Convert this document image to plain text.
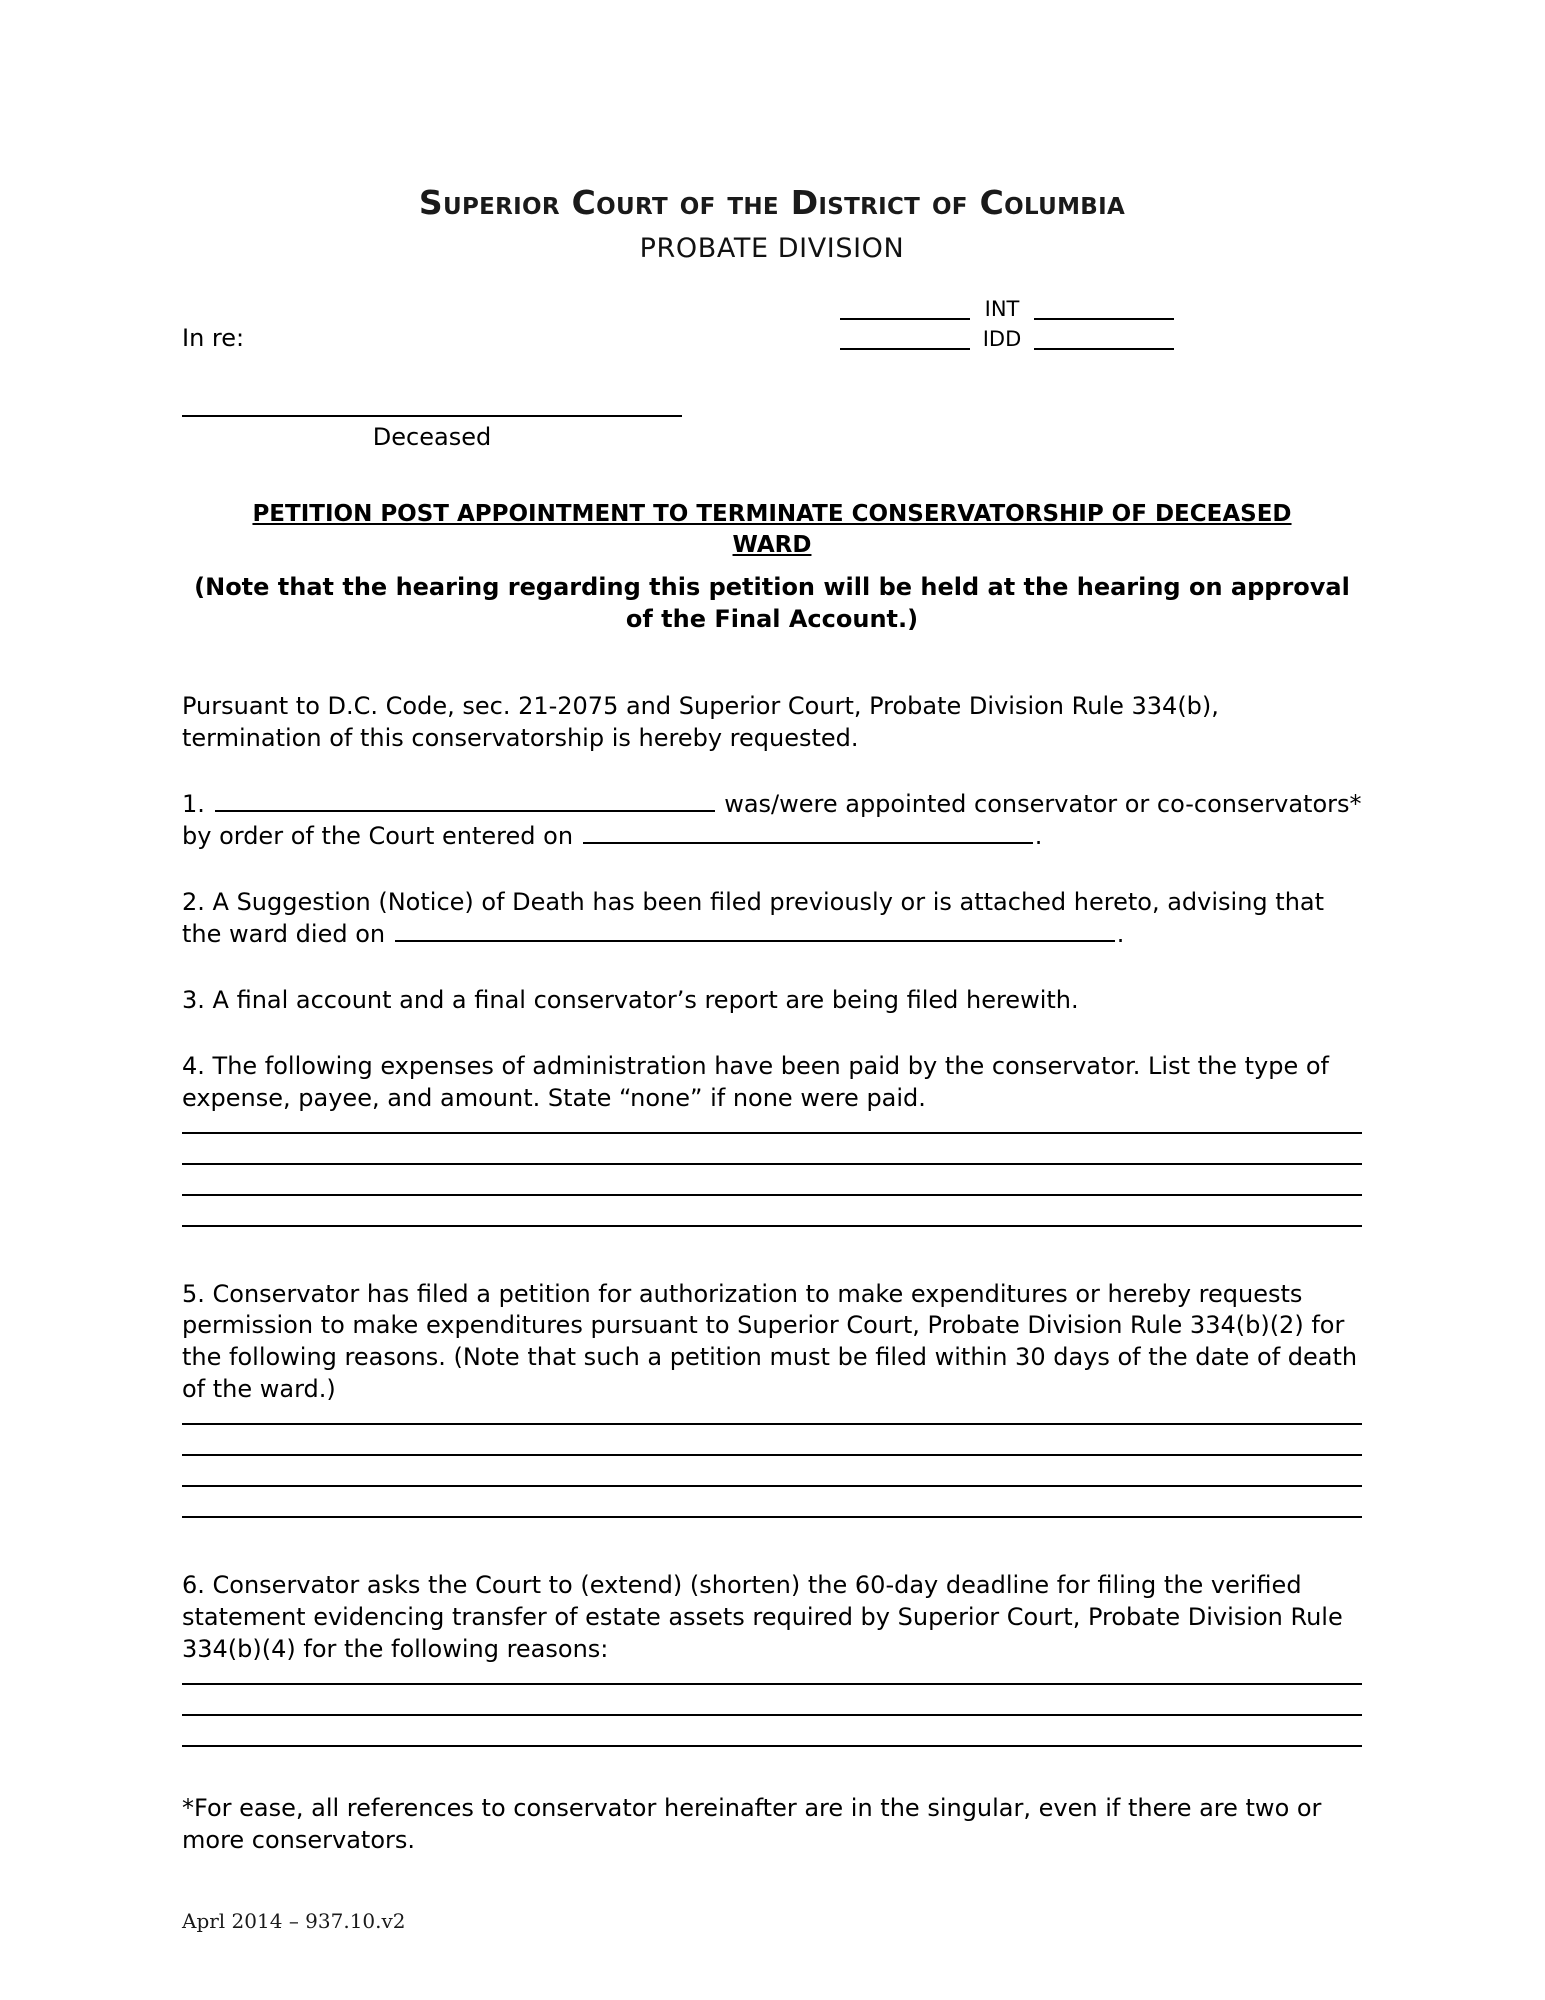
INT
IDD
Superior Court of the District of Columbia
PROBATE DIVISION
In re:
Deceased
PETITION POST APPOINTMENT TO TERMINATE CONSERVATORSHIP OF DECEASED
WARD
(Note that the hearing regarding this petition will be held at the hearing on approval
of the Final Account.)
Pursuant to D.C. Code, sec. 21-2075 and Superior Court, Probate Division Rule 334(b), termination of this conservatorship is hereby requested.
1.	was/were appointed conservator or co-conservators* by order of the Court entered on	.
2. A Suggestion (Notice) of Death has been filed previously or is attached hereto, advising that the ward died on	.
3. A final account and a final conservator’s report are being filed herewith.
4. The following expenses of administration have been paid by the conservator. List the type of expense, payee, and amount. State “none” if none were paid.
5. Conservator has filed a petition for authorization to make expenditures or hereby requests permission to make expenditures pursuant to Superior Court, Probate Division Rule 334(b)(2) for the following reasons. (Note that such a petition must be filed within 30 days of the date of death of the ward.)
6. Conservator asks the Court to (extend) (shorten) the 60-day deadline for filing the verified statement evidencing transfer of estate assets required by Superior Court, Probate Division Rule 334(b)(4) for the following reasons:
*For ease, all references to conservator hereinafter are in the singular, even if there are two or more conservators.
Aprl 2014 – 937.10.v2
